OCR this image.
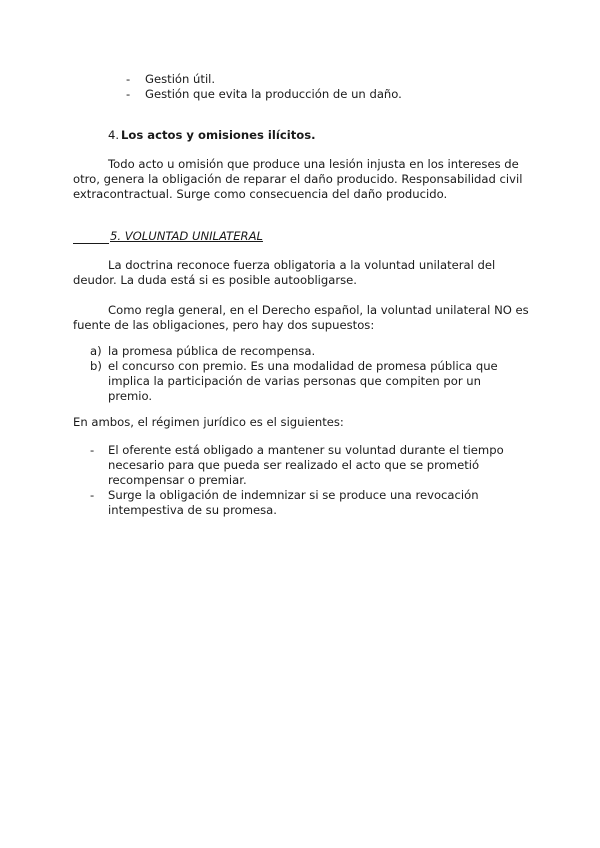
- Gestión útil.
- Gestión que evita la producción de un daño.
4. Los actos y omisiones ilícitos.
Todo acto u omisión que produce una lesión injusta en los intereses de
otro, genera la obligación de reparar el daño producido. Responsabilidad civil
extracontractual. Surge como consecuencia del daño producido.
5. VOLUNTAD UNILATERAL
La doctrina reconoce fuerza obligatoria a la voluntad unilateral del
deudor. La duda está si es posible autoobligarse.
Como regla general, en el Derecho español, la voluntad unilateral NO es
fuente de las obligaciones, pero hay dos supuestos:
a) la promesa pública de recompensa.
b) el concurso con premio. Es una modalidad de promesa pública que
implica la participación de varias personas que compiten por un
premio.
En ambos, el régimen jurídico es el siguientes:
- El oferente está obligado a mantener su voluntad durante el tiempo
necesario para que pueda ser realizado el acto que se prometió
recompensar o premiar.
- Surge la obligación de indemnizar si se produce una revocación
intempestiva de su promesa.
